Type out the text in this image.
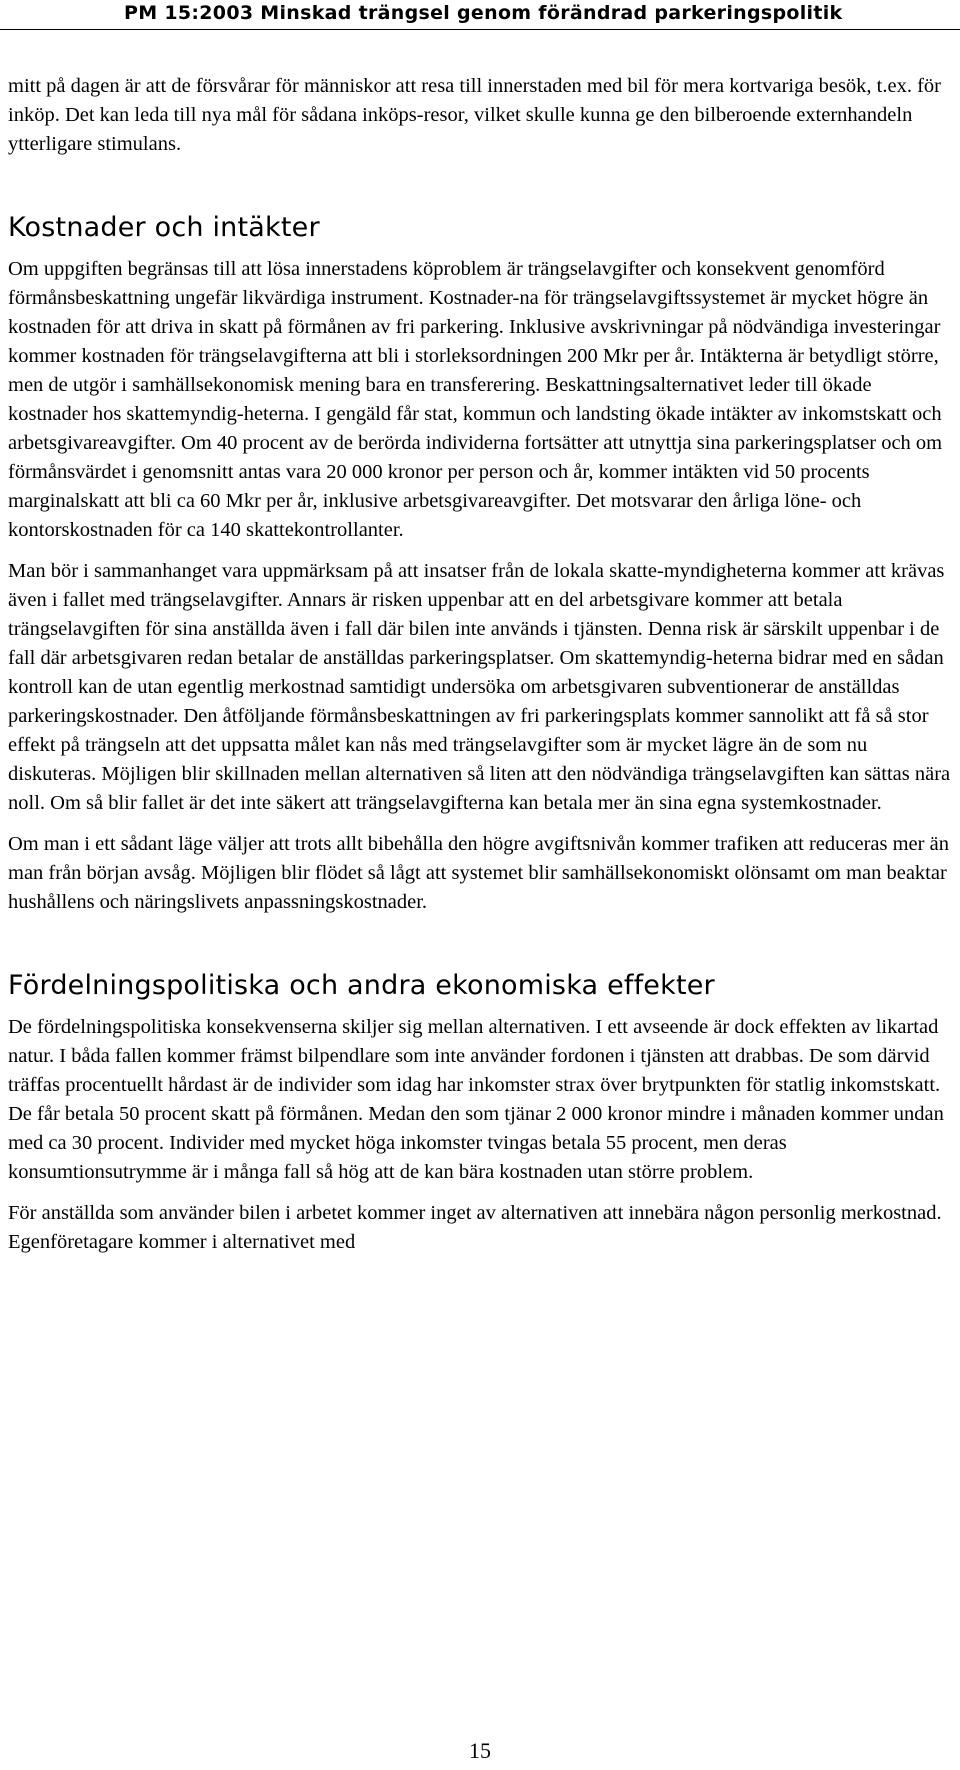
PM 15:2003 Minskad trängsel genom förändrad parkeringspolitik

mitt på dagen är att de försvårar för människor att resa till innerstaden med bil för mera kortvariga besök, t.ex. för inköp. Det kan leda till nya mål för sådana inköps-resor, vilket skulle kunna ge den bilberoende externhandeln ytterligare stimulans.

Kostnader och intäkter

Om uppgiften begränsas till att lösa innerstadens köproblem är trängselavgifter och konsekvent genomförd förmånsbeskattning ungefär likvärdiga instrument. Kostnader-na för trängselavgiftssystemet är mycket högre än kostnaden för att driva in skatt på förmånen av fri parkering. Inklusive avskrivningar på nödvändiga investeringar kommer kostnaden för trängselavgifterna att bli i storleksordningen 200 Mkr per år. Intäkterna är betydligt större, men de utgör i samhällsekonomisk mening bara en transferering. Beskattningsalternativet leder till ökade kostnader hos skattemyndig-heterna. I gengäld får stat, kommun och landsting ökade intäkter av inkomstskatt och arbetsgivareavgifter. Om 40 procent av de berörda individerna fortsätter att utnyttja sina parkeringsplatser och om förmånsvärdet i genomsnitt antas vara 20 000 kronor per person och år, kommer intäkten vid 50 procents marginalskatt att bli ca 60 Mkr per år, inklusive arbetsgivareavgifter. Det motsvarar den årliga löne- och kontorskostnaden för ca 140 skattekontrollanter.

Man bör i sammanhanget vara uppmärksam på att insatser från de lokala skatte-myndigheterna kommer att krävas även i fallet med trängselavgifter. Annars är risken uppenbar att en del arbetsgivare kommer att betala trängselavgiften för sina anställda även i fall där bilen inte används i tjänsten. Denna risk är särskilt uppenbar i de fall där arbetsgivaren redan betalar de anställdas parkeringsplatser. Om skattemyndig-heterna bidrar med en sådan kontroll kan de utan egentlig merkostnad samtidigt undersöka om arbetsgivaren subventionerar de anställdas parkeringskostnader. Den åtföljande förmånsbeskattningen av fri parkeringsplats kommer sannolikt att få så stor effekt på trängseln att det uppsatta målet kan nås med trängselavgifter som är mycket lägre än de som nu diskuteras. Möjligen blir skillnaden mellan alternativen så liten att den nödvändiga trängselavgiften kan sättas nära noll. Om så blir fallet är det inte säkert att trängselavgifterna kan betala mer än sina egna systemkostnader.

Om man i ett sådant läge väljer att trots allt bibehålla den högre avgiftsnivån kommer trafiken att reduceras mer än man från början avsåg. Möjligen blir flödet så lågt att systemet blir samhällsekonomiskt olönsamt om man beaktar hushållens och näringslivets anpassningskostnader.

Fördelningspolitiska och andra ekonomiska effekter

De fördelningspolitiska konsekvenserna skiljer sig mellan alternativen. I ett avseende är dock effekten av likartad natur. I båda fallen kommer främst bilpendlare som inte använder fordonen i tjänsten att drabbas. De som därvid träffas procentuellt hårdast är de individer som idag har inkomster strax över brytpunkten för statlig inkomstskatt. De får betala 50 procent skatt på förmånen. Medan den som tjänar 2 000 kronor mindre i månaden kommer undan med ca 30 procent. Individer med mycket höga inkomster tvingas betala 55 procent, men deras konsumtionsutrymme är i många fall så hög att de kan bära kostnaden utan större problem.

För anställda som använder bilen i arbetet kommer inget av alternativen att innebära någon personlig merkostnad. Egenföretagare kommer i alternativet med

15
